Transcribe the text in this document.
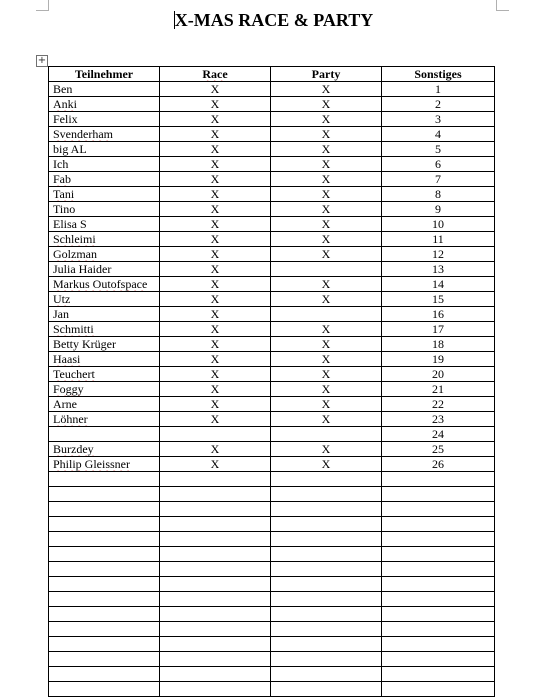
X-MAS RACE & PARTY
+
Teilnehmer	Race	Party	Sonstiges
Ben	X	X	1
Anki	X	X	2
Felix	X	X	3
Svenderham	X	X	4
big AL	X	X	5
Ich	X	X	6
Fab	X	X	7
Tani	X	X	8
Tino	X	X	9
Elisa S	X	X	10
Schleimi	X	X	11
Golzman	X	X	12
Julia Haider	X		13
Markus Outofspace	X	X	14
Utz	X	X	15
Jan	X		16
Schmitti	X	X	17
Betty Krüger	X	X	18
Haasi	X	X	19
Teuchert	X	X	20
Foggy	X	X	21
Arne	X	X	22
Löhner	X	X	23
			24
Burzdey	X	X	25
Philip Gleissner	X	X	26
